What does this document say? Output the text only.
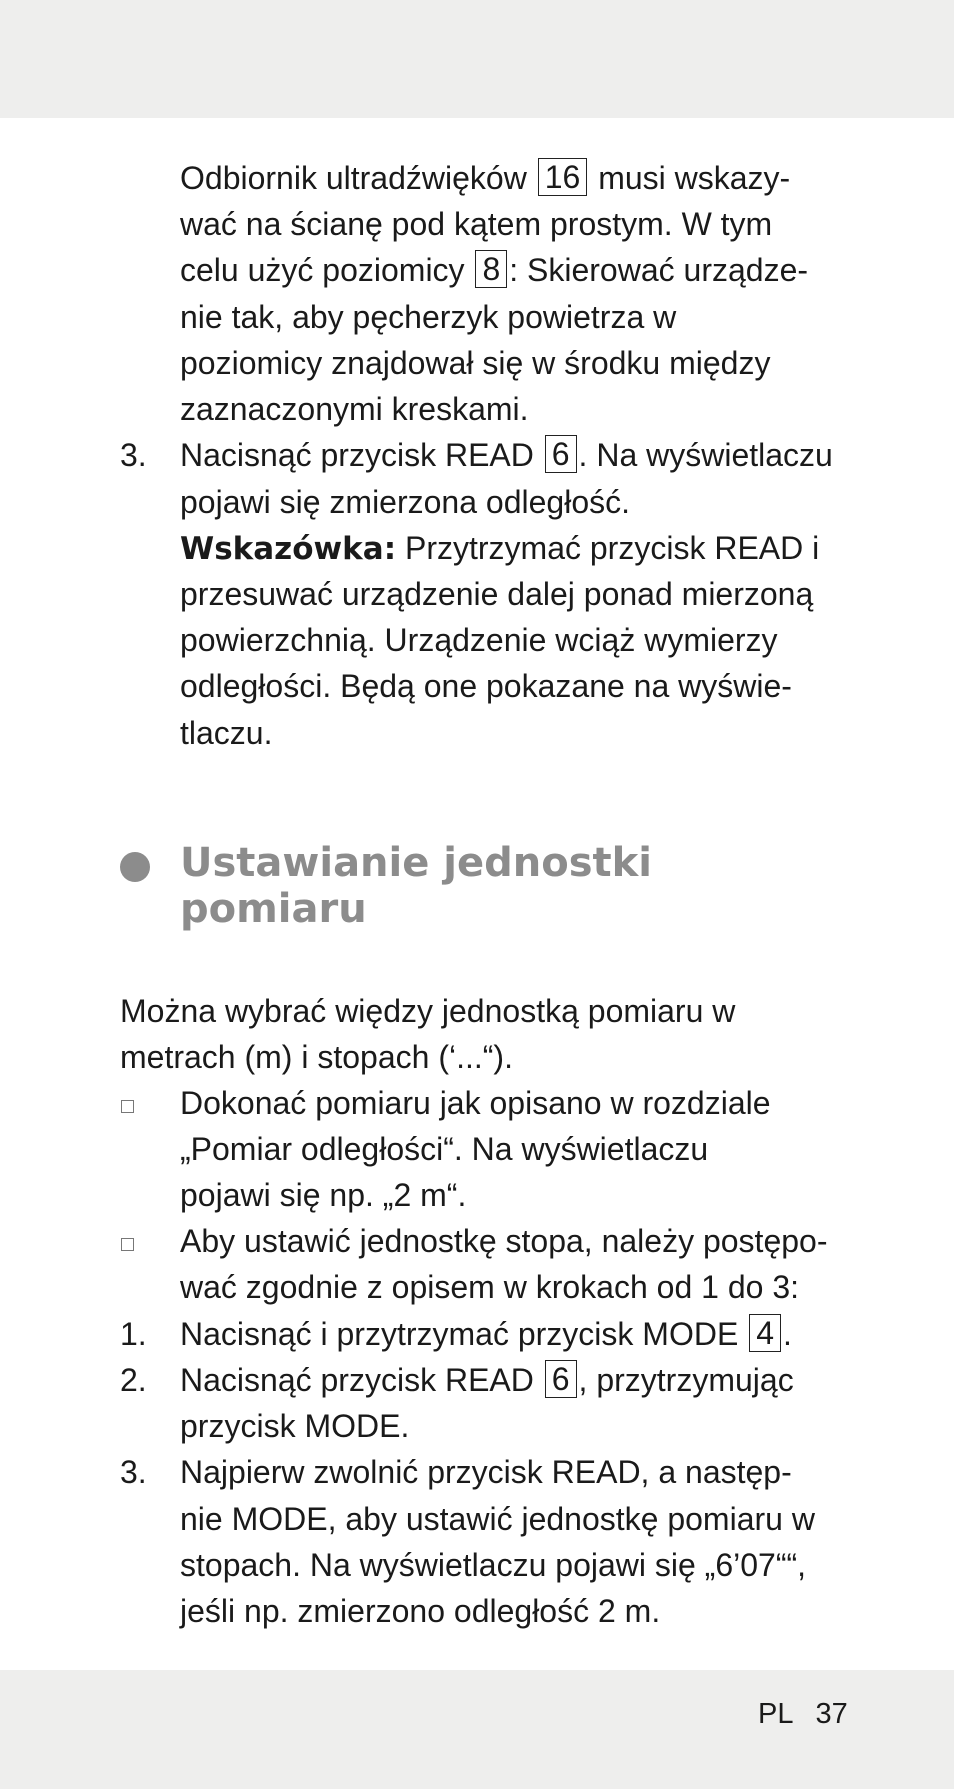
Odbiornik ultradźwięków 16 musi wskazy-
wać na ścianę pod kątem prostym. W tym
celu użyć poziomicy 8 : Skierować urządze-
nie tak, aby pęcherzyk powietrza w
poziomicy znajdował się w środku między
zaznaczonymi kreskami.
3. Nacisnąć przycisk READ 6 . Na wyświetlaczu
pojawi się zmierzona odległość.
Wskazówka: Przytrzymać przycisk READ i
przesuwać urządzenie dalej ponad mierzoną
powierzchnią. Urządzenie wciąż wymierzy
odległości. Będą one pokazane na wyświe-
tlaczu.
Ustawianie jednostki
pomiaru
Można wybrać więdzy jednostką pomiaru w
metrach (m) i stopach (‘...“).
Dokonać pomiaru jak opisano w rozdziale
„Pomiar odległości“. Na wyświetlaczu
pojawi się np. „2 m“.
Aby ustawić jednostkę stopa, należy postępo-
wać zgodnie z opisem w krokach od 1 do 3:
1. Nacisnąć i przytrzymać przycisk MODE 4 .
2. Nacisnąć przycisk READ 6 , przytrzymując
przycisk MODE.
3. Najpierw zwolnić przycisk READ, a następ-
nie MODE, aby ustawić jednostkę pomiaru w
stopach. Na wyświetlaczu pojawi się „6’07““,
jeśli np. zmierzono odległość 2 m.
PL 37
